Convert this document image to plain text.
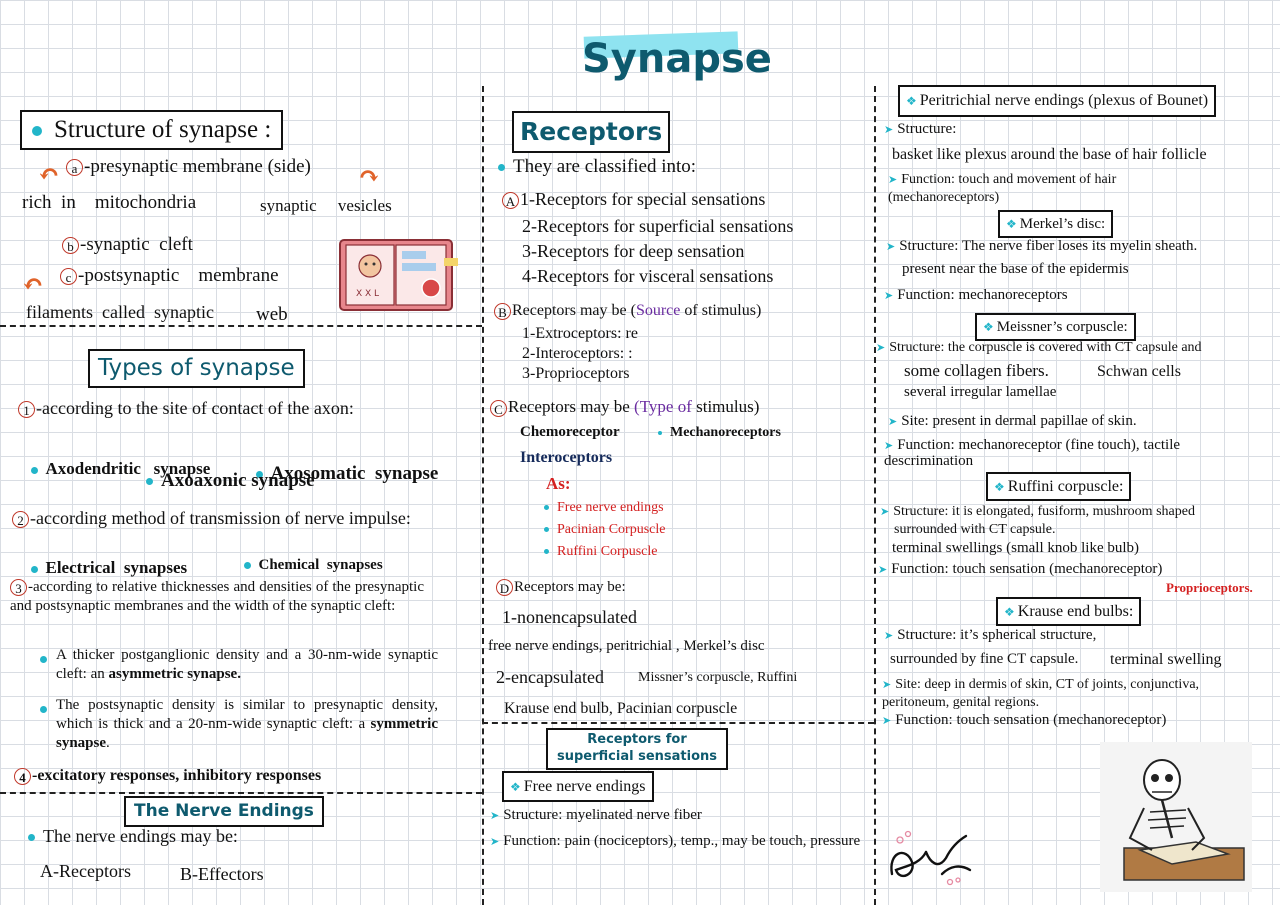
Synapse
Structure of synapse :
a -presynaptic membrane (side)
↶	↷
rich  in    mitochondria	synaptic     vesicles
b -synaptic  cleft
c -postsynaptic    membrane
↶
filaments  called  synaptic web
X X L
Types of synapse
1 -according to the site of contact of the axon:

Axodendritic   synapse	Axosomatic  synapse

Axoaxonic synapse
2 -according method of transmission of nerve impulse:

Electrical  synapses	Chemical  synapses

3 -according to relative thicknesses and densities of the presynaptic and postsynaptic membranes and the width of the synaptic cleft:
A thicker postganglionic density and a 30-nm-wide synaptic cleft: an asymmetric synapse.
The postsynaptic density is similar to presynaptic density, which is thick and a 20-nm-wide synaptic cleft: a symmetric synapse.
4 -excitatory responses, inhibitory responses
The Nerve Endings
The nerve endings may be:
A-Receptors	B-Effectors
Receptors
They are classified into:
A 1-Receptors for special sensations
2-Receptors for superficial sensations
3-Receptors for deep sensation
4-Receptors for visceral sensations
B Receptors may be (Source of stimulus)
1-Extroceptors: re
2-Interoceptors: :
3-Proprioceptors
C Receptors may be (Type of stimulus)
Chemoreceptor	Mechanoreceptors
Interoceptors
As:
Free nerve endings
Pacinian Corpuscle
Ruffini Corpuscle
D Receptors may be:
1-nonencapsulated
free nerve endings, peritrichial , Merkel’s disc
2-encapsulated Missner’s corpuscle, Ruffini
Krause end bulb, Pacinian corpuscle
Receptors for superficial sensations
❖ Free nerve endings
➤ Structure: myelinated nerve fiber
➤ Function: pain (nociceptors), temp., may be touch, pressure
❖ Peritrichial nerve endings (plexus of Bounet)
➤ Structure:
basket like plexus around the base of hair follicle
➤ Function: touch and movement of hair (mechanoreceptors)
❖ Merkel’s disc:
➤ Structure: The nerve fiber loses its myelin sheath.
present near the base of the epidermis
➤ Function: mechanoreceptors
❖ Meissner’s corpuscle:
➤ Structure: the corpuscle is covered with CT capsule and
some collagen fibers.	Schwan cells
several irregular lamellae
➤ Site: present in dermal papillae of skin.
➤ Function: mechanoreceptor (fine touch), tactile descrimination
❖ Ruffini corpuscle:
➤ Structure: it is elongated, fusiform, mushroom shaped
surrounded with CT capsule.
terminal swellings (small knob like bulb)
➤ Function: touch sensation (mechanoreceptor)
Proprioceptors.
❖ Krause end bulbs:
➤ Structure: it’s spherical structure,
surrounded by fine CT capsule. terminal swelling
➤ Site: deep in dermis of skin, CT of joints, conjunctiva, peritoneum, genital regions.
➤ Function: touch sensation (mechanoreceptor)
